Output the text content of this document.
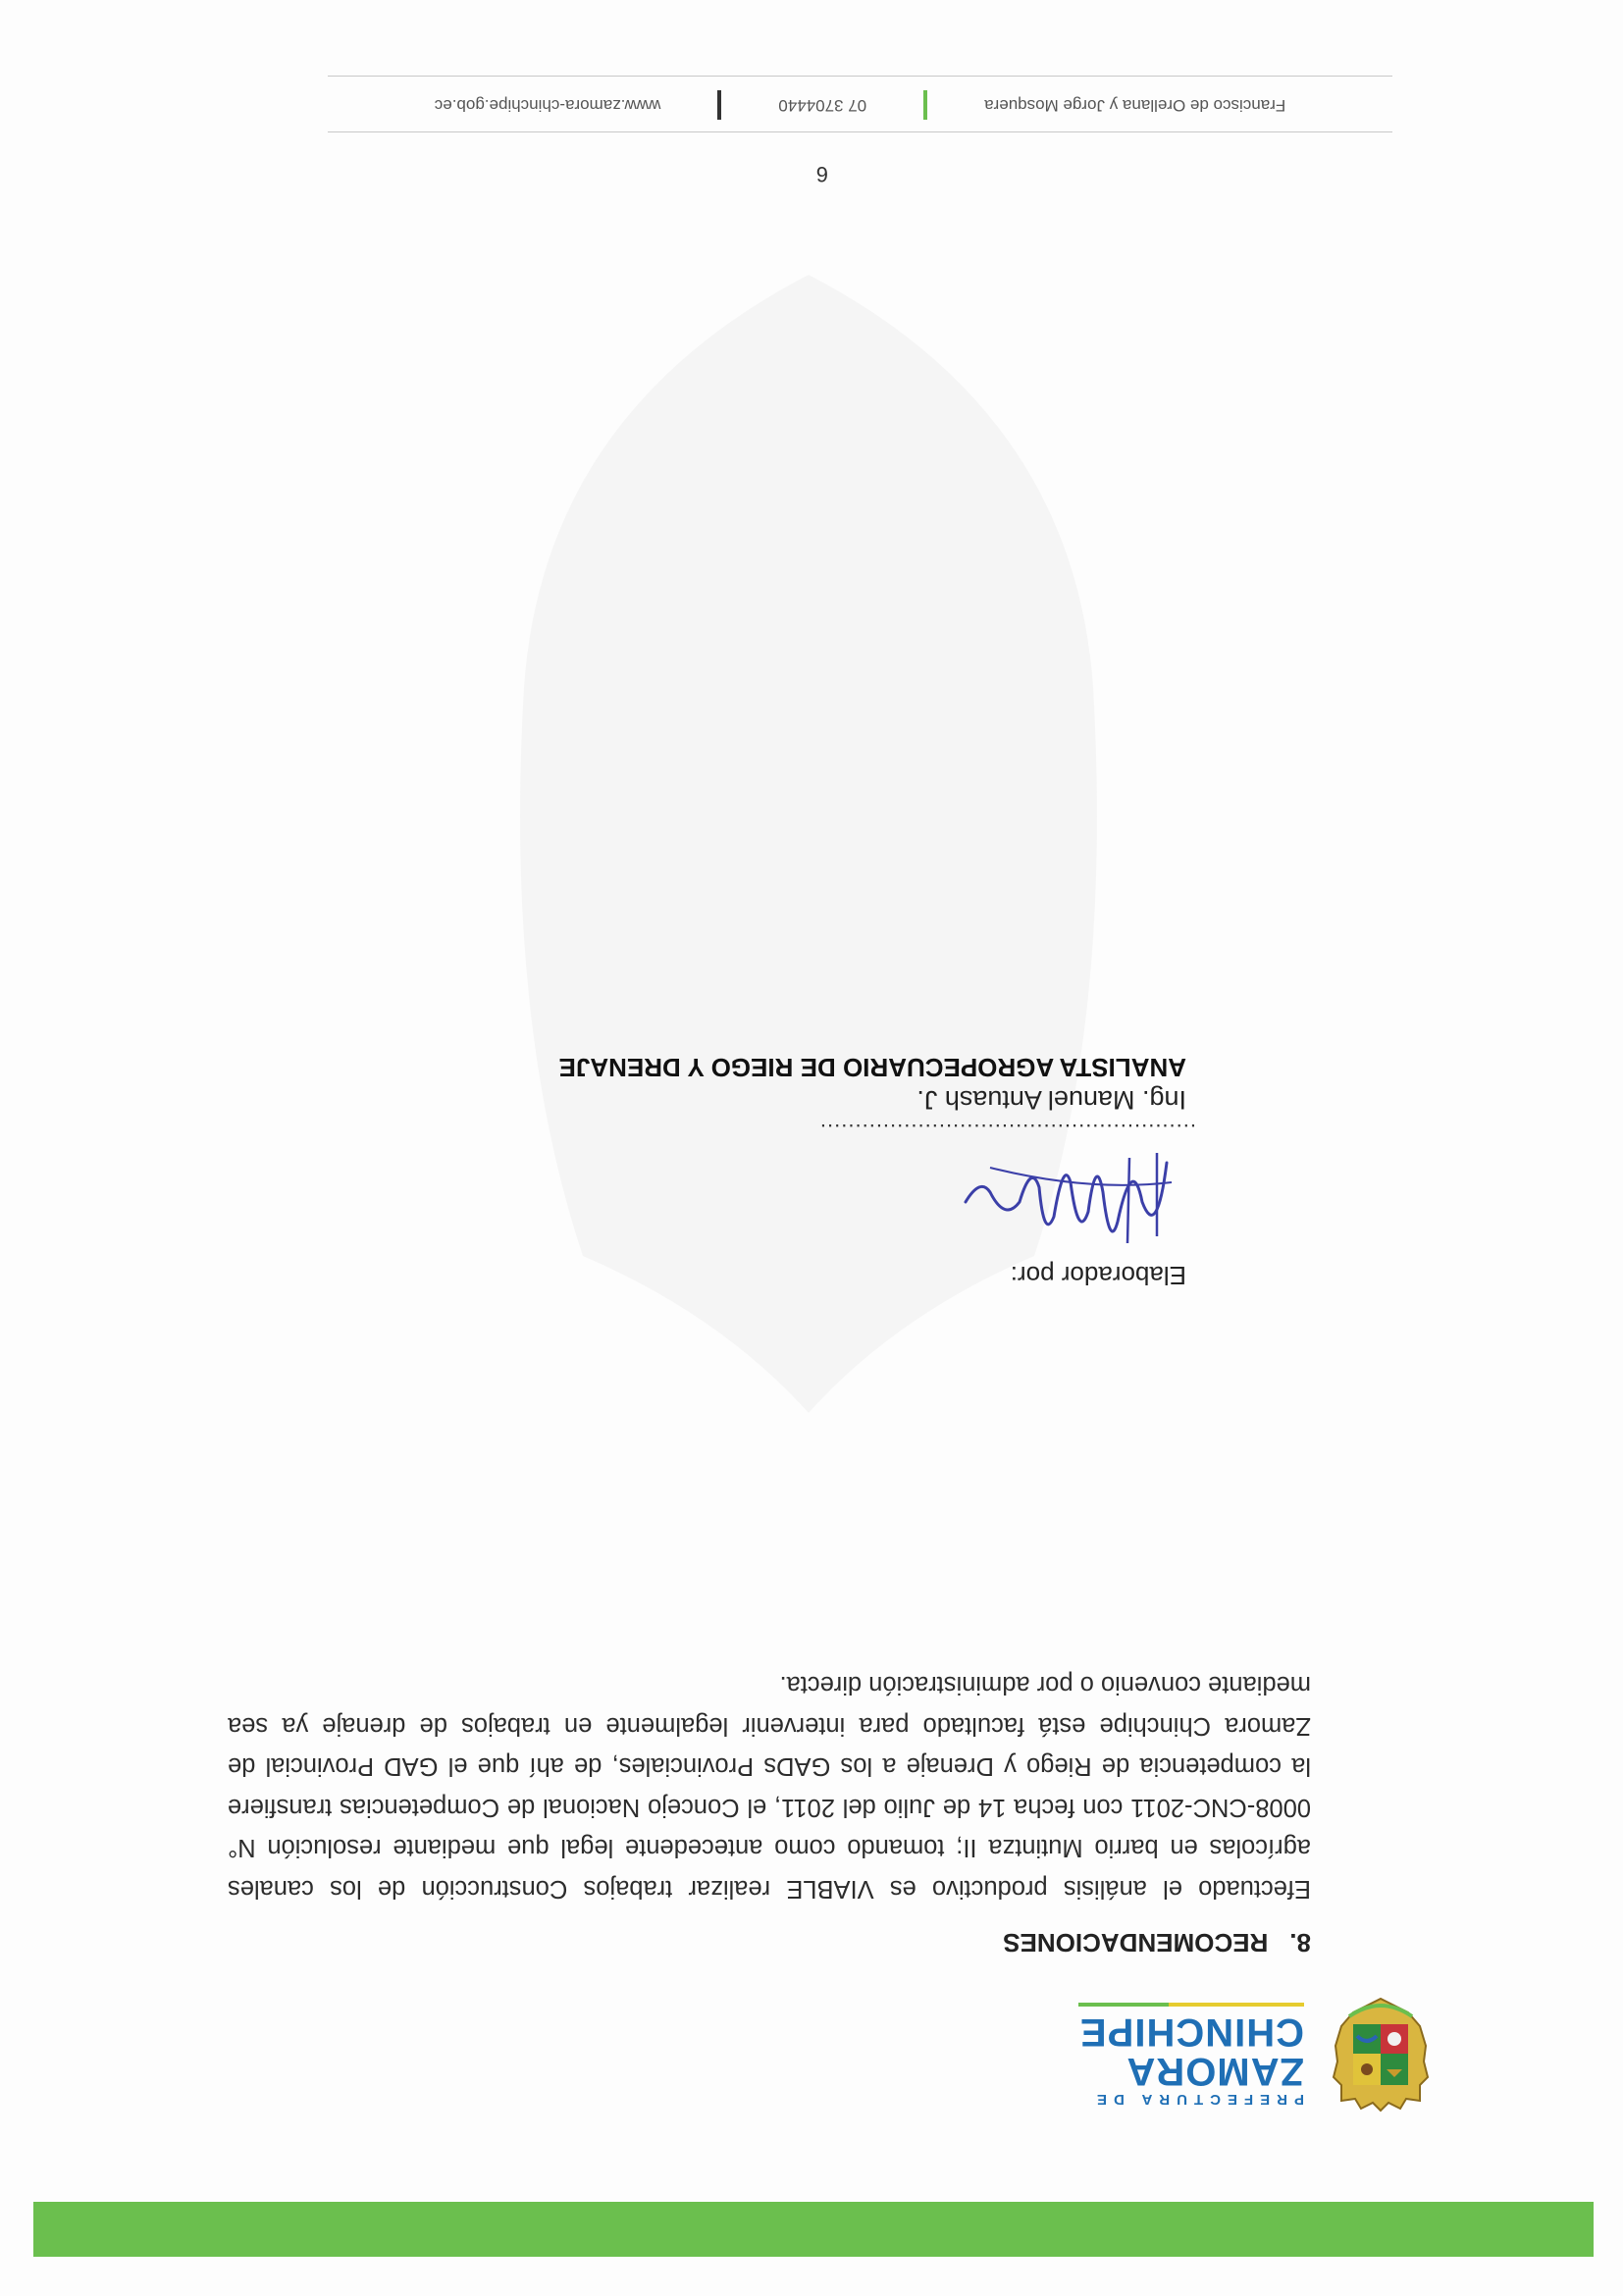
PREFECTURA DE
ZAMORA
CHINCHIPE
8.RECOMENDACIONES

Efectuado el análisis productivo es VIABLE realizar trabajos Construcción de los canales agrícolas en barrio Mutintza II; tomando como antecedente legal que mediante resolución N° 0008-CNC-2011 con fecha 14 de Julio del 2011, el Concejo Nacional de Competencias transfiere la competencia de Riego y Drenaje a los GADs Provinciales, de ahí que el GAD Provincial de Zamora Chinchipe está facultado para intervenir legalmente en trabajos de drenaje ya sea mediante convenio o por administración directa.

Elaborador por:
......................................................
Ing. Manuel Antuash J.
ANALISTA AGROPECUARIO DE RIEGO Y DRENAJE
6
Francisco de Orellana y Jorge Mosquera
07 3704440
www.zamora-chinchipe.gob.ec
